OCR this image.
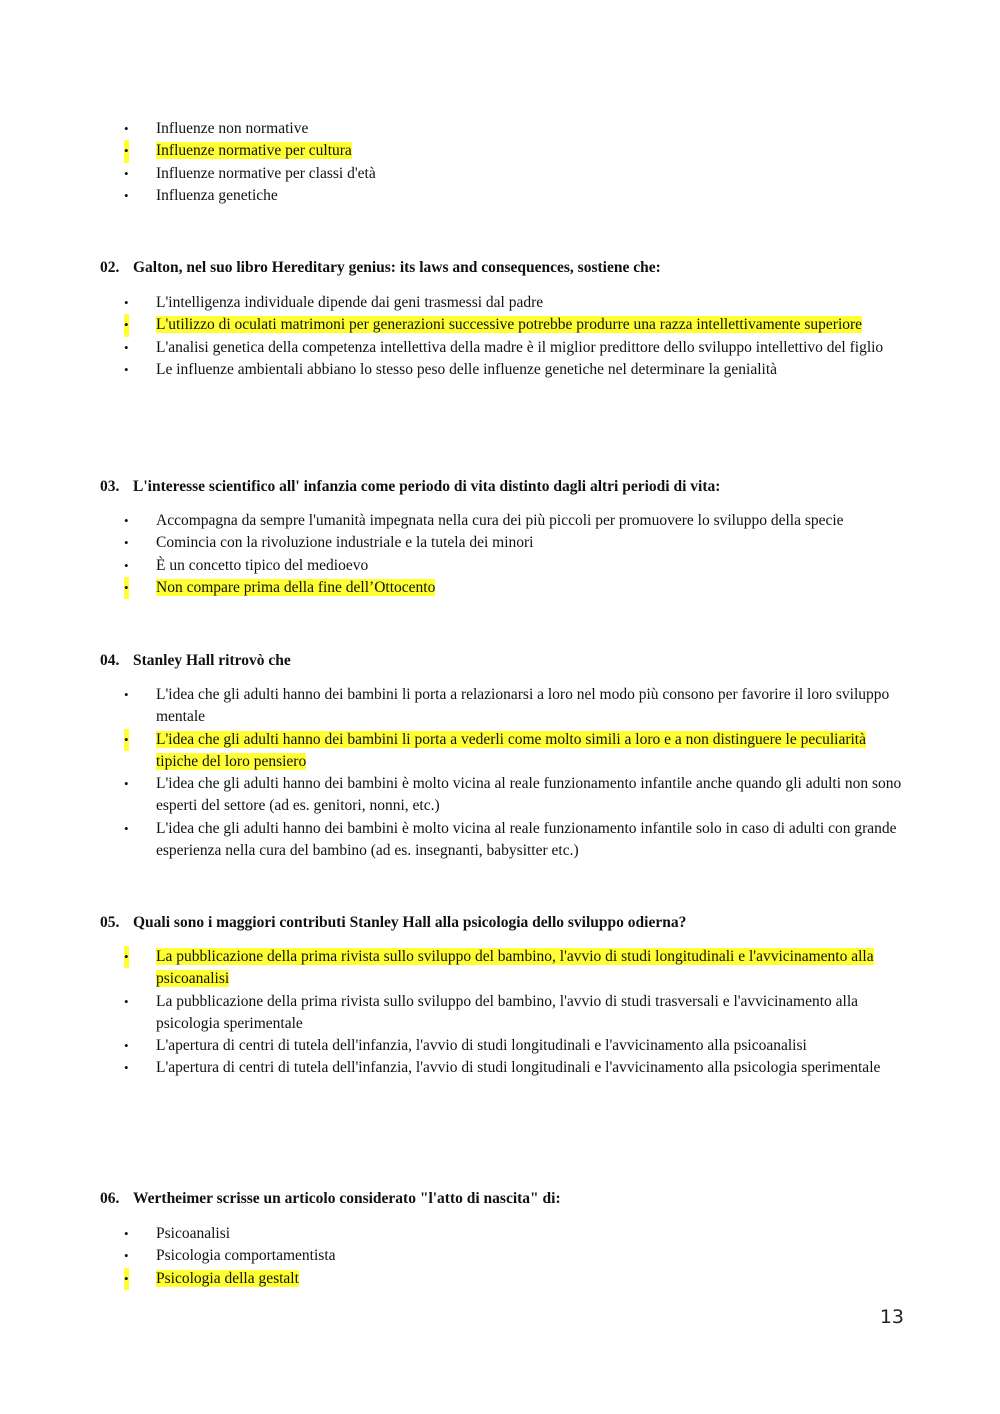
• Influenze non normative
• Influenze normative per cultura
• Influenze normative per classi d'età
• Influenza genetiche
02. Galton, nel suo libro Hereditary genius: its laws and consequences, sostiene che:
• L'intelligenza individuale dipende dai geni trasmessi dal padre
• L'utilizzo di oculati matrimoni per generazioni successive potrebbe produrre una razza intellettivamente superiore
• L'analisi genetica della competenza intellettiva della madre è il miglior predittore dello sviluppo intellettivo del figlio
• Le influenze ambientali abbiano lo stesso peso delle influenze genetiche nel determinare la genialità
03. L'interesse scientifico all' infanzia come periodo di vita distinto dagli altri periodi di vita:
• Accompagna da sempre l'umanità impegnata nella cura dei più piccoli per promuovere lo sviluppo della specie
• Comincia con la rivoluzione industriale e la tutela dei minori
• È un concetto tipico del medioevo
• Non compare prima della fine dell’Ottocento
04. Stanley Hall ritrovò che
• L'idea che gli adulti hanno dei bambini li porta a relazionarsi a loro nel modo più consono per favorire il loro sviluppo mentale
• L'idea che gli adulti hanno dei bambini li porta a vederli come molto simili a loro e a non distinguere le peculiarità tipiche del loro pensiero
• L'idea che gli adulti hanno dei bambini è molto vicina al reale funzionamento infantile anche quando gli adulti non sono esperti del settore (ad es. genitori, nonni, etc.)
• L'idea che gli adulti hanno dei bambini è molto vicina al reale funzionamento infantile solo in caso di adulti con grande esperienza nella cura del bambino (ad es. insegnanti, babysitter etc.)
05. Quali sono i maggiori contributi Stanley Hall alla psicologia dello sviluppo odierna?
• La pubblicazione della prima rivista sullo sviluppo del bambino, l'avvio di studi longitudinali e l'avvicinamento alla psicoanalisi
• La pubblicazione della prima rivista sullo sviluppo del bambino, l'avvio di studi trasversali e l'avvicinamento alla psicologia sperimentale
• L'apertura di centri di tutela dell'infanzia, l'avvio di studi longitudinali e l'avvicinamento alla psicoanalisi
• L'apertura di centri di tutela dell'infanzia, l'avvio di studi longitudinali e l'avvicinamento alla psicologia sperimentale
06. Wertheimer scrisse un articolo considerato "l'atto di nascita" di:
• Psicoanalisi
• Psicologia comportamentista
• Psicologia della gestalt
13
